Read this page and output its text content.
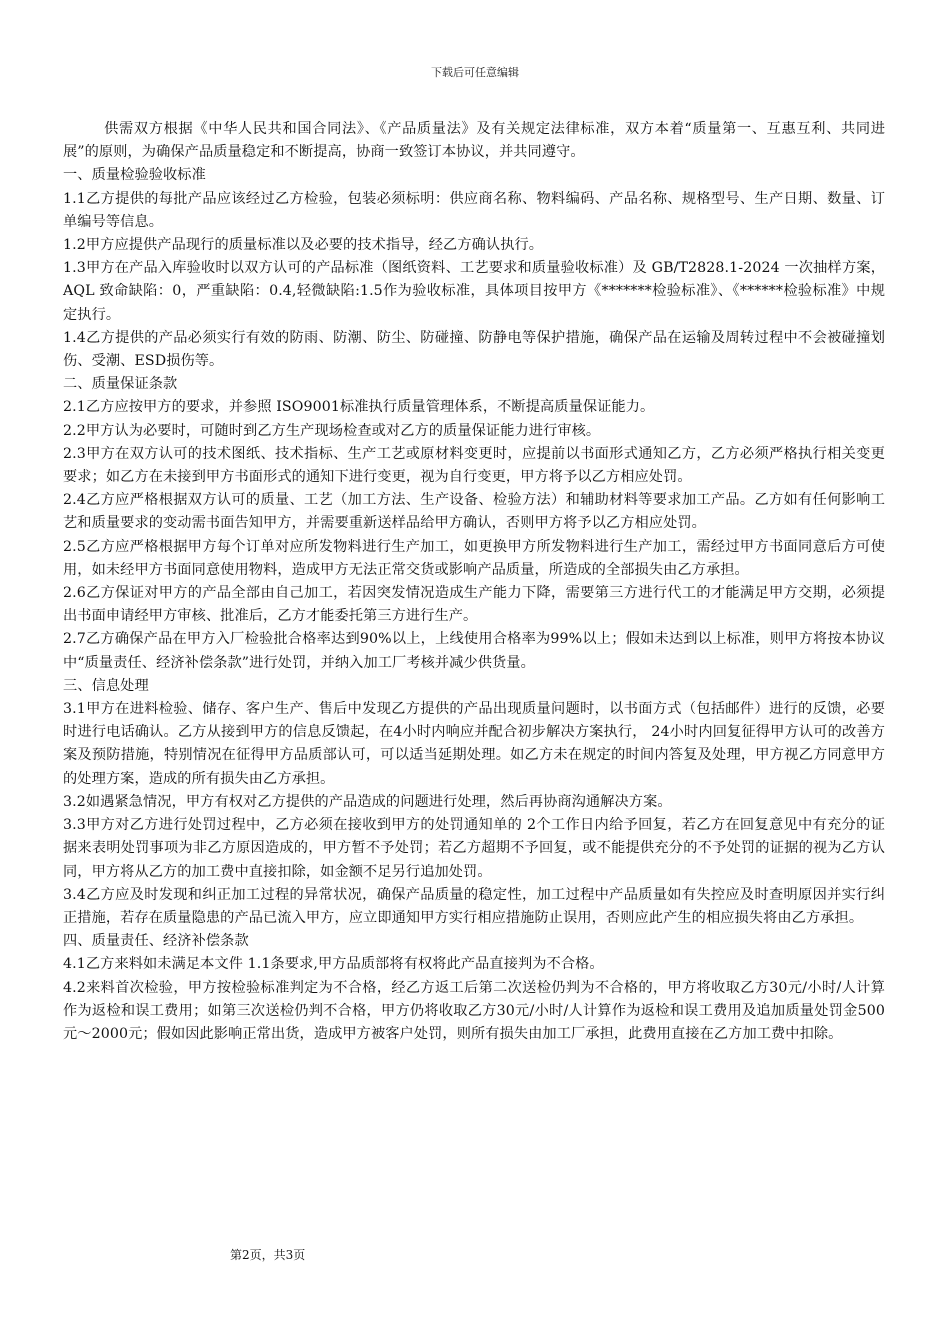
下载后可任意编辑

供需双方根据《中华人民共和国合同法》、《产品质量法》及有关规定法律标准，双方本着“质量第一、互惠互利、共同进展”的原则，为确保产品质量稳定和不断提高，协商一致签订本协议，并共同遵守。

一、质量检验验收标准

1.1乙方提供的每批产品应该经过乙方检验，包装必须标明：供应商名称、物料编码、产品名称、规格型号、生产日期、数量、订单编号等信息。

1.2甲方应提供产品现行的质量标准以及必要的技术指导，经乙方确认执行。

1.3甲方在产品入库验收时以双方认可的产品标准（图纸资料、工艺要求和质量验收标准）及 GB/T2828.1-2024 一次抽样方案，AQL 致命缺陷：0，严重缺陷：0.4,轻微缺陷:1.5作为验收标准，具体项目按甲方《*******检验标准》、《******检验标准》中规定执行。

1.4乙方提供的产品必须实行有效的防雨、防潮、防尘、防碰撞、防静电等保护措施，确保产品在运输及周转过程中不会被碰撞划伤、受潮、ESD损伤等。

二、质量保证条款

2.1乙方应按甲方的要求，并参照 ISO9001标准执行质量管理体系，不断提高质量保证能力。

2.2甲方认为必要时，可随时到乙方生产现场检查或对乙方的质量保证能力进行审核。

2.3甲方在双方认可的技术图纸、技术指标、生产工艺或原材料变更时，应提前以书面形式通知乙方，乙方必须严格执行相关变更要求；如乙方在未接到甲方书面形式的通知下进行变更，视为自行变更，甲方将予以乙方相应处罚。

2.4乙方应严格根据双方认可的质量、工艺（加工方法、生产设备、检验方法）和辅助材料等要求加工产品。乙方如有任何影响工艺和质量要求的变动需书面告知甲方，并需要重新送样品给甲方确认，否则甲方将予以乙方相应处罚。

2.5乙方应严格根据甲方每个订单对应所发物料进行生产加工，如更换甲方所发物料进行生产加工，需经过甲方书面同意后方可使用，如未经甲方书面同意使用物料，造成甲方无法正常交货或影响产品质量，所造成的全部损失由乙方承担。

2.6乙方保证对甲方的产品全部由自己加工，若因突发情况造成生产能力下降，需要第三方进行代工的才能满足甲方交期，必须提出书面申请经甲方审核、批准后，乙方才能委托第三方进行生产。

2.7乙方确保产品在甲方入厂检验批合格率达到90%以上，上线使用合格率为99%以上；假如未达到以上标准，则甲方将按本协议中“质量责任、经济补偿条款”进行处罚，并纳入加工厂考核并减少供货量。

三、信息处理

3.1甲方在进料检验、储存、客户生产、售后中发现乙方提供的产品出现质量问题时，以书面方式（包括邮件）进行的反馈，必要时进行电话确认。乙方从接到甲方的信息反馈起，在4小时内响应并配合初步解决方案执行， 24小时内回复征得甲方认可的改善方案及预防措施，特别情况在征得甲方品质部认可，可以适当延期处理。如乙方未在规定的时间内答复及处理，甲方视乙方同意甲方的处理方案，造成的所有损失由乙方承担。

3.2如遇紧急情况，甲方有权对乙方提供的产品造成的问题进行处理，然后再协商沟通解决方案。

3.3甲方对乙方进行处罚过程中，乙方必须在接收到甲方的处罚通知单的 2个工作日内给予回复，若乙方在回复意见中有充分的证据来表明处罚事项为非乙方原因造成的，甲方暂不予处罚；若乙方超期不予回复，或不能提供充分的不予处罚的证据的视为乙方认同，甲方将从乙方的加工费中直接扣除，如金额不足另行追加处罚。

3.4乙方应及时发现和纠正加工过程的异常状况，确保产品质量的稳定性，加工过程中产品质量如有失控应及时查明原因并实行纠正措施，若存在质量隐患的产品已流入甲方，应立即通知甲方实行相应措施防止误用，否则应此产生的相应损失将由乙方承担。

四、质量责任、经济补偿条款

4.1乙方来料如未满足本文件 1.1条要求,甲方品质部将有权将此产品直接判为不合格。

4.2来料首次检验，甲方按检验标准判定为不合格，经乙方返工后第二次送检仍判为不合格的，甲方将收取乙方30元/小时/人计算作为返检和误工费用；如第三次送检仍判不合格，甲方仍将收取乙方30元/小时/人计算作为返检和误工费用及追加质量处罚金500元～2000元；假如因此影响正常出货，造成甲方被客户处罚，则所有损失由加工厂承担，此费用直接在乙方加工费中扣除。

第2页，共3页
